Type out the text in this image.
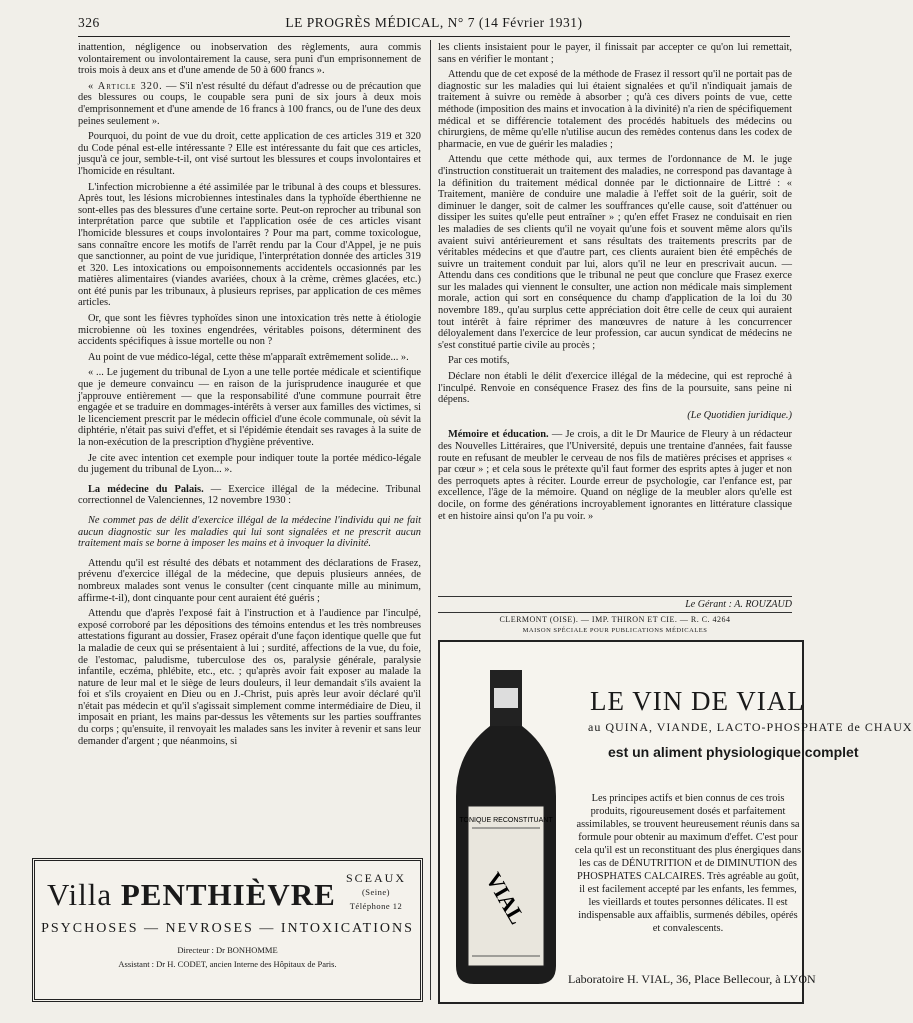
326	LE PROGRÈS MÉDICAL, N° 7 (14 Février 1931)

inattention, négligence ou inobservation des règlements, aura commis volontairement ou involontairement la cause, sera puni d'un emprisonnement de trois mois à deux ans et d'une amende de 50 à 600 francs ».

« Article 320. — S'il n'est résulté du défaut d'adresse ou de précaution que des blessures ou coups, le coupable sera puni de six jours à deux mois d'emprisonnement et d'une amende de 16 francs à 100 francs, ou de l'une des deux peines seulement ».

Pourquoi, du point de vue du droit, cette application de ces articles 319 et 320 du Code pénal est-elle intéressante ? Elle est intéressante du fait que ces articles, jusqu'à ce jour, semble-t-il, ont visé surtout les blessures et coups involontaires et l'homicide en résultant.

L'infection microbienne a été assimilée par le tribunal à des coups et blessures. Après tout, les lésions microbiennes intestinales dans la typhoïde éberthienne ne sont-elles pas des blessures d'une certaine sorte. Peut-on reprocher au tribunal son interprétation parce que subtile et l'application osée de ces articles visant l'homicide blessures et coups involontaires ? Pour ma part, comme toxicologue, sans connaître encore les motifs de l'arrêt rendu par la Cour d'Appel, je ne puis que sanctionner, au point de vue juridique, l'interprétation donnée des articles 319 et 320. Les intoxications ou empoisonnements accidentels occasionnés par les matières alimentaires (viandes avariées, choux à la crème, crèmes glacées, etc.) ont été punis par les tribunaux, à plusieurs reprises, par application de ces mêmes articles.

Or, que sont les fièvres typhoïdes sinon une intoxication très nette à étiologie microbienne où les toxines engendrées, véritables poisons, déterminent des accidents spécifiques à issue mortelle ou non ?

Au point de vue médico-légal, cette thèse m'apparaît extrêmement solide... ».

« ... Le jugement du tribunal de Lyon a une telle portée médicale et scientifique que je demeure convaincu — en raison de la jurisprudence inaugurée et que j'approuve entièrement — que la responsabilité d'une commune pourrait être engagée et se traduire en dommages-intérêts à verser aux familles des victimes, si le licenciement prescrit par le médecin officiel d'une école communale, où sévit la diphtérie, n'était pas suivi d'effet, et si l'épidémie étendait ses ravages à la suite de la non-exécution de la prescription d'hygiène préventive.

Je cite avec intention cet exemple pour indiquer toute la portée médico-légale du jugement du tribunal de Lyon... ».

La médecine du Palais. — Exercice illégal de la médecine. Tribunal correctionnel de Valenciennes, 12 novembre 1930 :

Ne commet pas de délit d'exercice illégal de la médecine l'individu qui ne fait aucun diagnostic sur les maladies qui lui sont signalées et ne prescrit aucun traitement mais se borne à imposer les mains et à invoquer la divinité.

Attendu qu'il est résulté des débats et notamment des déclarations de Frasez, prévenu d'exercice illégal de la médecine, que depuis plusieurs années, de nombreux malades sont venus le consulter (cent cinquante mille au minimum, affirme-t-il), dont cinquante pour cent auraient été guéris ;

Attendu que d'après l'exposé fait à l'instruction et à l'audience par l'inculpé, exposé corroboré par les dépositions des témoins entendus et les très nombreuses attestations figurant au dossier, Frasez opérait d'une façon identique quelle que fut la maladie de ceux qui se présentaient à lui ; surdité, affections de la vue, du foie, de l'estomac, paludisme, tuberculose des os, paralysie générale, paralysie infantile, eczéma, phlébite, etc., etc. ; qu'après avoir fait exposer au malade la nature de leur mal et le siège de leurs douleurs, il leur demandait s'ils avaient la foi et s'ils croyaient en Dieu ou en J.-Christ, puis après leur avoir déclaré qu'il n'était pas médecin et qu'il s'agissait simplement comme intermédiaire de Dieu, il imposait en priant, les mains par-dessus les vêtements sur les parties souffrantes du corps ; qu'ensuite, il renvoyait les malades sans les inviter à revenir et sans leur demander d'argent ; que néanmoins, si

les clients insistaient pour le payer, il finissait par accepter ce qu'on lui remettait, sans en vérifier le montant ;

Attendu que de cet exposé de la méthode de Frasez il ressort qu'il ne portait pas de diagnostic sur les maladies qui lui étaient signalées et qu'il n'indiquait jamais de traitement à suivre ou remède à absorber ; qu'à ces divers points de vue, cette méthode (imposition des mains et invocation à la divinité) n'a rien de spécifiquement médical et se différencie totalement des procédés habituels des médecins ou chirurgiens, de même qu'elle n'utilise aucun des remèdes contenus dans les codex de pharmacie, en vue de guérir les maladies ;

Attendu que cette méthode qui, aux termes de l'ordonnance de M. le juge d'instruction constituerait un traitement des maladies, ne correspond pas davantage à la définition du traitement médical donnée par le dictionnaire de Littré : « Traitement, manière de conduire une maladie à l'effet soit de la guérir, soit de diminuer le danger, soit de calmer les souffrances qu'elle cause, soit d'atténuer ou dissiper les suites qu'elle peut entraîner » ; qu'en effet Frasez ne conduisait en rien les maladies de ses clients qu'il ne voyait qu'une fois et souvent même alors qu'ils avaient suivi antérieurement et sans résultats des traitements prescrits par de véritables médecins et que d'autre part, ces clients auraient bien été empêchés de suivre un traitement conduit par lui, alors qu'il ne leur en prescrivait aucun. — Attendu dans ces conditions que le tribunal ne peut que conclure que Frasez exerce sur les malades qui viennent le consulter, une action non médicale mais simplement morale, action qui sort en conséquence du champ d'application de la loi du 30 novembre 189., qu'au surplus cette appréciation doit être celle de ceux qui auraient tout intérêt à faire réprimer des manœuvres de nature à les concurrencer déloyalement dans l'exercice de leur profession, car aucun syndicat de médecins ne s'est constitué partie civile au procès ;

Par ces motifs,

Déclare non établi le délit d'exercice illégal de la médecine, qui est reproché à l'inculpé. Renvoie en conséquence Frasez des fins de la poursuite, sans peine ni dépens.

(Le Quotidien juridique.)

Mémoire et éducation. — Je crois, a dit le Dr Maurice de Fleury à un rédacteur des Nouvelles Littéraires, que l'Université, depuis une trentaine d'années, fait fausse route en refusant de meubler le cerveau de nos fils de matières précises et apprises « par cœur » ; et cela sous le prétexte qu'il faut former des esprits aptes à juger et non des perroquets aptes à réciter. Lourde erreur de psychologie, car l'enfance est, par excellence, l'âge de la mémoire. Quand on néglige de la meubler alors qu'elle est docile, on forme des générations incroyablement ignorantes en littérature classique et en histoire ainsi qu'on l'a pu voir. »

Le Gérant : A. ROUZAUD
CLERMONT (OISE). — IMP. THIRON ET CIE. — R. C. 4264
MAISON SPÉCIALE POUR PUBLICATIONS MÉDICALES
Villa PENTHIÈVRE SCEAUX
(Seine)
Téléphone 12
PSYCHOSES — NEVROSES — INTOXICATIONS
Directeur : Dr BONHOMME
Assistant : Dr H. CODET, ancien Interne des Hôpitaux de Paris.
TONIQUE RECONSTITUANT
VIAL
LE VIN DE VIAL
au QUINA, VIANDE, LACTO-PHOSPHATE de CHAUX
est un aliment physiologique complet
Les principes actifs et bien connus de ces trois produits, rigoureusement dosés et parfaitement assimilables, se trouvent heureusement réunis dans sa formule pour obtenir au maximum d'effet. C'est pour cela qu'il est un reconstituant des plus énergiques dans les cas de DÉNUTRITION et de DIMINUTION des PHOSPHATES CALCAIRES. Très agréable au goût, il est facilement accepté par les enfants, les femmes, les vieillards et toutes personnes délicates. Il est indispensable aux affaiblis, surmenés débiles, opérés et convalescents.
Laboratoire H. VIAL, 36, Place Bellecour, à LYON
